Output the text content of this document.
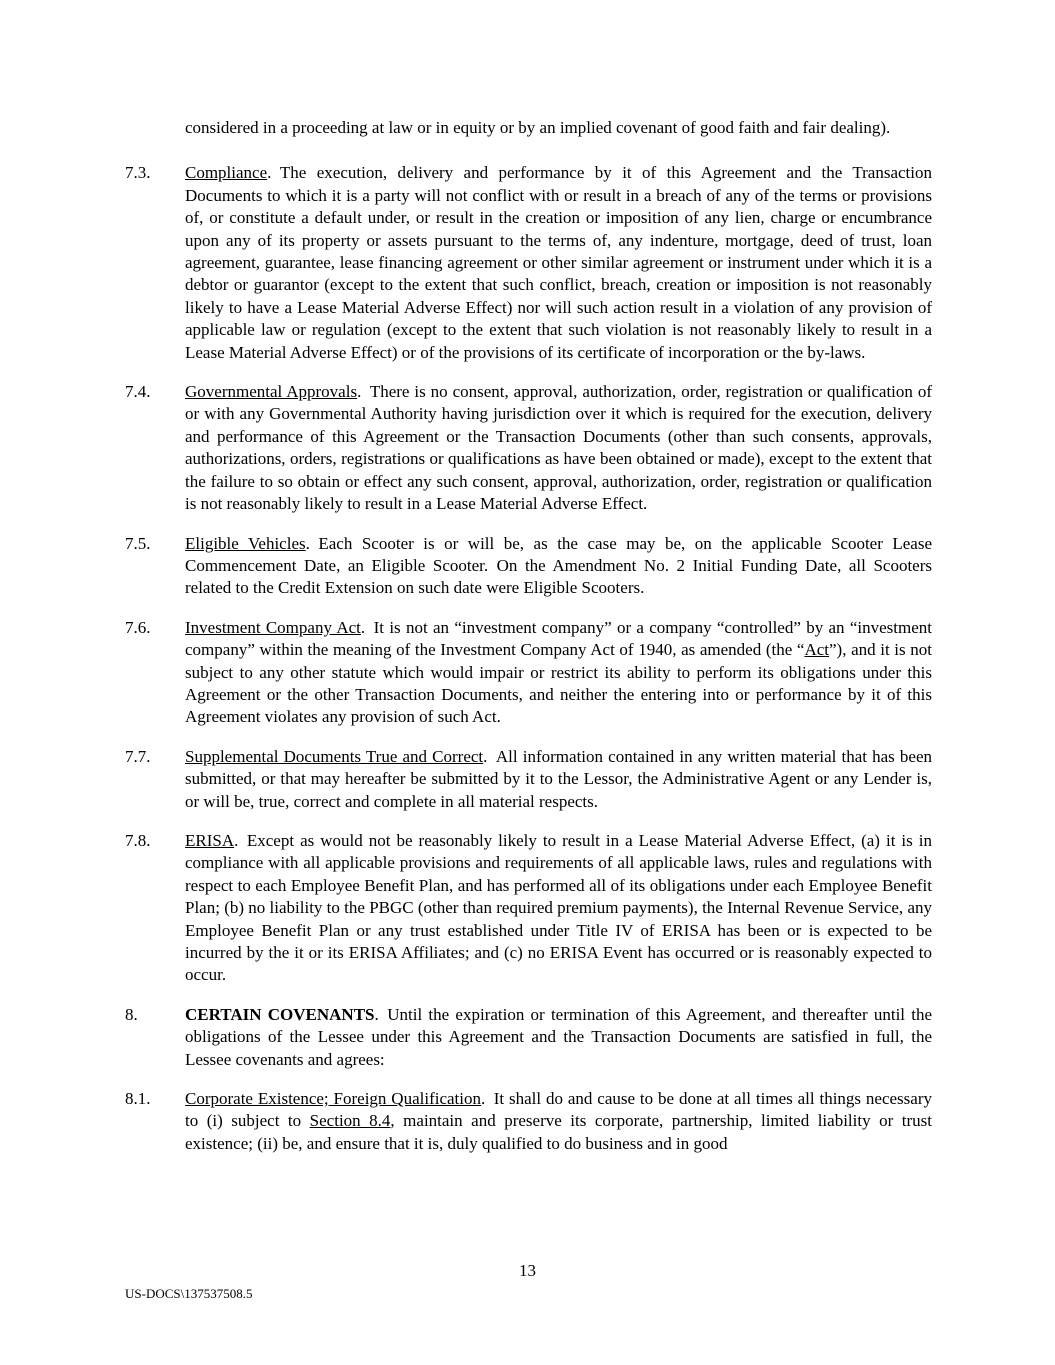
considered in a proceeding at law or in equity or by an implied covenant of good faith and fair dealing).

7.3. Compliance. The execution, delivery and performance by it of this Agreement and the Transaction Documents to which it is a party will not conflict with or result in a breach of any of the terms or provisions of, or constitute a default under, or result in the creation or imposition of any lien, charge or encumbrance upon any of its property or assets pursuant to the terms of, any indenture, mortgage, deed of trust, loan agreement, guarantee, lease financing agreement or other similar agreement or instrument under which it is a debtor or guarantor (except to the extent that such conflict, breach, creation or imposition is not reasonably likely to have a Lease Material Adverse Effect) nor will such action result in a violation of any provision of applicable law or regulation (except to the extent that such violation is not reasonably likely to result in a Lease Material Adverse Effect) or of the provisions of its certificate of incorporation or the by-laws.

7.4. Governmental Approvals. There is no consent, approval, authorization, order, registration or qualification of or with any Governmental Authority having jurisdiction over it which is required for the execution, delivery and performance of this Agreement or the Transaction Documents (other than such consents, approvals, authorizations, orders, registrations or qualifications as have been obtained or made), except to the extent that the failure to so obtain or effect any such consent, approval, authorization, order, registration or qualification is not reasonably likely to result in a Lease Material Adverse Effect.

7.5. Eligible Vehicles. Each Scooter is or will be, as the case may be, on the applicable Scooter Lease Commencement Date, an Eligible Scooter. On the Amendment No. 2 Initial Funding Date, all Scooters related to the Credit Extension on such date were Eligible Scooters.

7.6. Investment Company Act. It is not an “investment company” or a company “controlled” by an “investment company” within the meaning of the Investment Company Act of 1940, as amended (the “Act”), and it is not subject to any other statute which would impair or restrict its ability to perform its obligations under this Agreement or the other Transaction Documents, and neither the entering into or performance by it of this Agreement violates any provision of such Act.

7.7. Supplemental Documents True and Correct. All information contained in any written material that has been submitted, or that may hereafter be submitted by it to the Lessor, the Administrative Agent or any Lender is, or will be, true, correct and complete in all material respects.

7.8. ERISA. Except as would not be reasonably likely to result in a Lease Material Adverse Effect, (a) it is in compliance with all applicable provisions and requirements of all applicable laws, rules and regulations with respect to each Employee Benefit Plan, and has performed all of its obligations under each Employee Benefit Plan; (b) no liability to the PBGC (other than required premium payments), the Internal Revenue Service, any Employee Benefit Plan or any trust established under Title IV of ERISA has been or is expected to be incurred by the it or its ERISA Affiliates; and (c) no ERISA Event has occurred or is reasonably expected to occur.

8.	CERTAIN COVENANTS. Until the expiration or termination of this Agreement, and thereafter until the obligations of the Lessee under this Agreement and the Transaction Documents are satisfied in full, the Lessee covenants and agrees:

8.1. Corporate Existence; Foreign Qualification. It shall do and cause to be done at all times all things necessary to (i) subject to Section 8.4, maintain and preserve its corporate, partnership, limited liability or trust existence; (ii) be, and ensure that it is, duly qualified to do business and in good

13
US-DOCS\137537508.5
